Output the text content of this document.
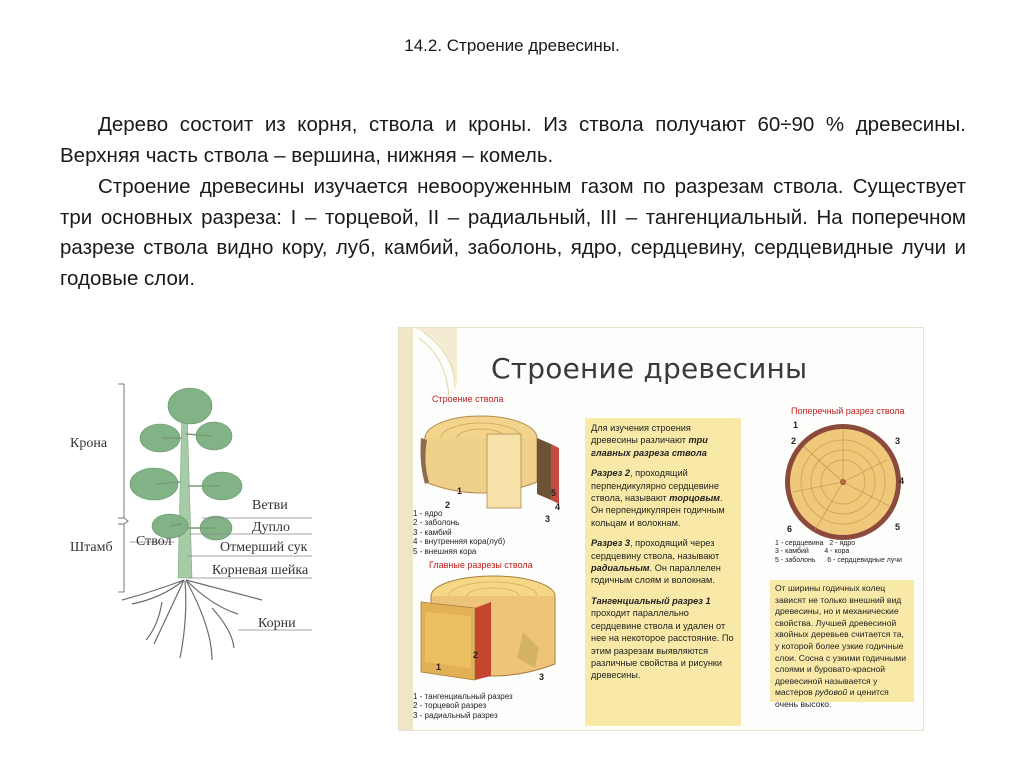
14.2. Строение древесины.

Дерево состоит из корня, ствола и кроны. Из ствола получают 60÷90 % древесины. Верхняя часть ствола – вершина, нижняя – комель.

Строение древесины изучается невооруженным газом по разрезам ствола. Существует три основных разреза: I – торцевой, II – радиальный, III – тангенциальный. На поперечном разрезе ствола видно кору, луб, камбий, заболонь, ядро, сердцевину, сердцевидные лучи и годовые слои.

Крона
Ствол
Штамб
Ветви
Дупло
Отмерший сук
Корневая шейка
Корни
Строение древесины
Строение ствола
1
2
3
4
5
1 - ядро
2 - заболонь
3 - камбий
4 - внутренняя кора(луб)
5 - внешняя кора
Главные разрезы ствола
1
2
3
1 - тангенциальный разрез
2 - торцевой разрез
3 - радиальный разрез

Для изучения строения древесины различают три главных разреза ствола

Разрез 2, проходящий перпендикулярно сердцевине ствола, называют торцовым. Он перпендикулярен годичным кольцам и волокнам.

Разрез 3, проходящий через сердцевину ствола, называют радиальным. Он параллелен годичным слоям и волокнам.

Тангенциальный разрез 1 проходит параллельно сердцевине ствола и удален от нее на некоторое расстояние. По этим разрезам выявляются различные свойства и рисунки древесины.

Поперечный разрез ствола
1
2	3
4
5
6
1 - сердцевина   2 - ядро
3 - камбий        4 - кора
5 - заболонь      6 - сердцевидные лучи
От ширины годичных колец зависят не только внешний вид древесины, но и механические свойства. Лучшей древесиной хвойных деревьев считается та, у которой более узкие годичные слои. Сосна с узкими годичными слоями и буровато-красной древесиной называется у мастеров рудовой и ценится очень высоко.
